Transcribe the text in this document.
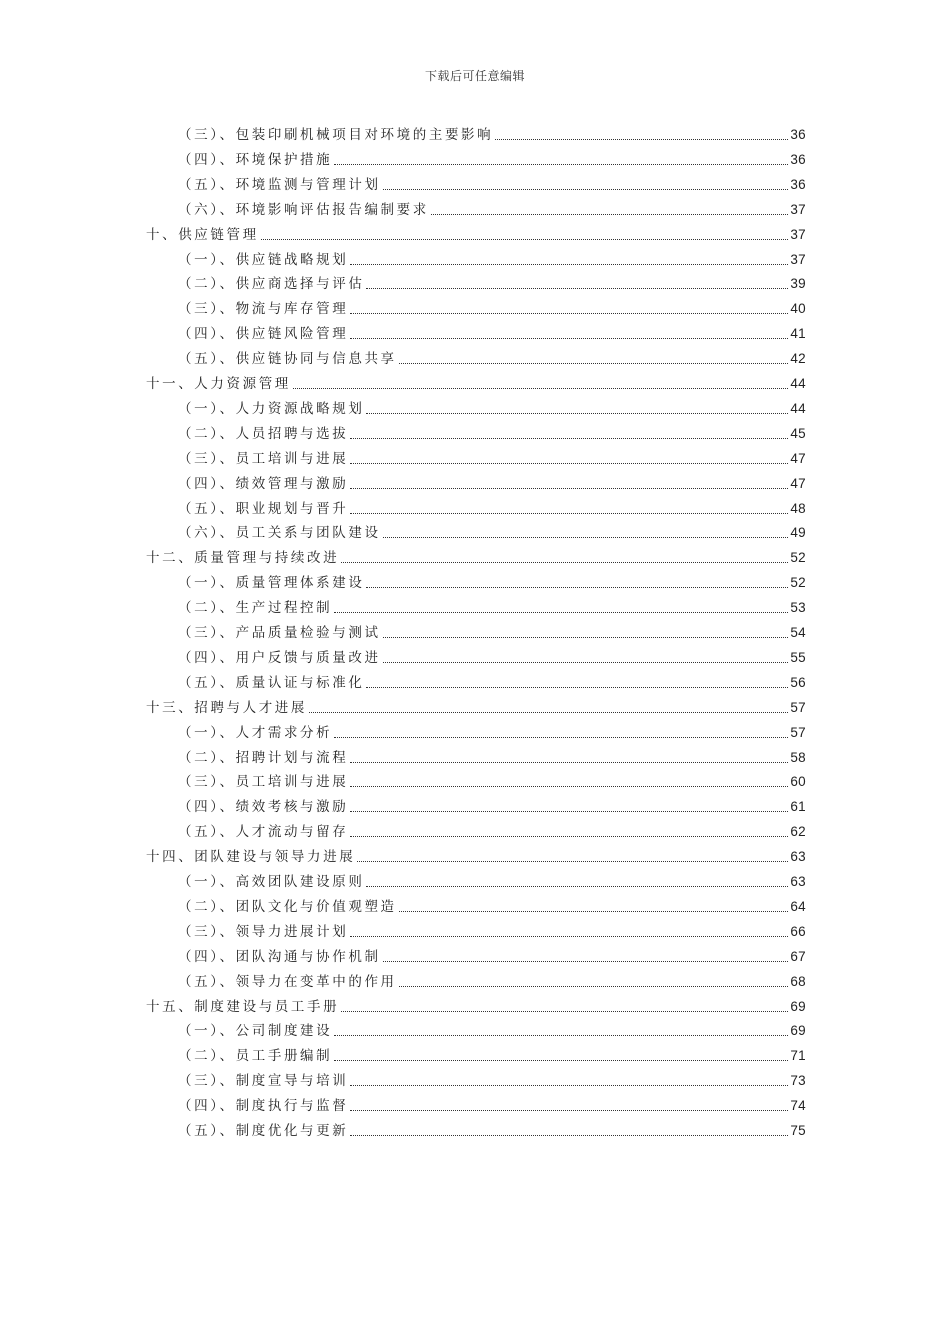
下载后可任意编辑
（三）、包装印刷机械项目对环境的主要影响	36
（四）、环境保护措施	36
（五）、环境监测与管理计划	36
（六）、环境影响评估报告编制要求	37
十、供应链管理	37
（一）、供应链战略规划	37
（二）、供应商选择与评估	39
（三）、物流与库存管理	40
（四）、供应链风险管理	41
（五）、供应链协同与信息共享	42
十一、人力资源管理	44
（一）、人力资源战略规划	44
（二）、人员招聘与选拔	45
（三）、员工培训与进展	47
（四）、绩效管理与激励	47
（五）、职业规划与晋升	48
（六）、员工关系与团队建设	49
十二、质量管理与持续改进	52
（一）、质量管理体系建设	52
（二）、生产过程控制	53
（三）、产品质量检验与测试	54
（四）、用户反馈与质量改进	55
（五）、质量认证与标准化	56
十三、招聘与人才进展	57
（一）、人才需求分析	57
（二）、招聘计划与流程	58
（三）、员工培训与进展	60
（四）、绩效考核与激励	61
（五）、人才流动与留存	62
十四、团队建设与领导力进展	63
（一）、高效团队建设原则	63
（二）、团队文化与价值观塑造	64
（三）、领导力进展计划	66
（四）、团队沟通与协作机制	67
（五）、领导力在变革中的作用	68
十五、制度建设与员工手册	69
（一）、公司制度建设	69
（二）、员工手册编制	71
（三）、制度宣导与培训	73
（四）、制度执行与监督	74
（五）、制度优化与更新	75
